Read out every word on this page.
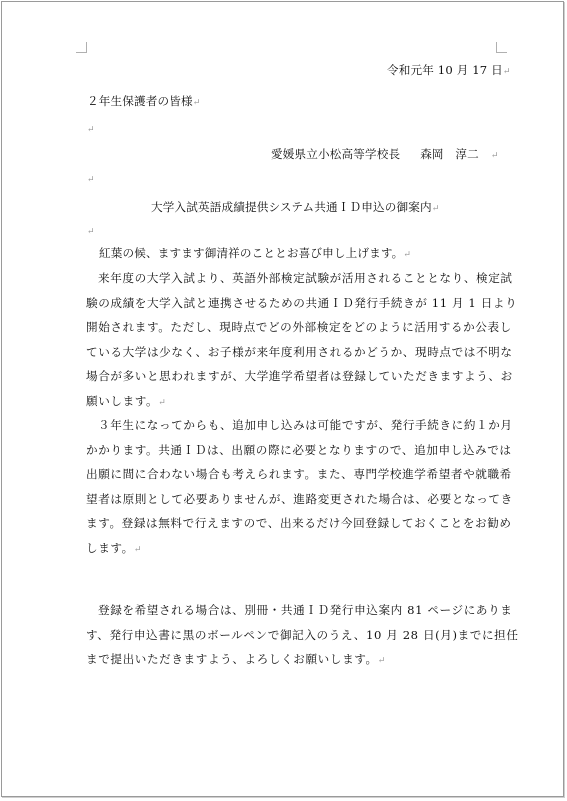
令和元年 10 月 17 日↵
２年生保護者の皆様↵
↵
愛媛県立小松高等学校長 森岡　淳二 ↵
↵
大学入試英語成績提供システム共通ＩＤ申込の御案内↵
↵
紅葉の候、ますます御清祥のこととお喜び申し上げます。↵
来年度の大学入試より、英語外部検定試験が活用されることとなり、検定試
験の成績を大学入試と連携させるための共通ＩＤ発行手続きが 11 月 1 日より
開始されます。ただし、現時点でどの外部検定をどのように活用するか公表し
ている大学は少なく、お子様が来年度利用されるかどうか、現時点では不明な
場合が多いと思われますが、大学進学希望者は登録していただきますよう、お
願いします。↵
３年生になってからも、追加申し込みは可能ですが、発行手続きに約１か月
かかります。共通ＩＤは、出願の際に必要となりますので、追加申し込みでは
出願に間に合わない場合も考えられます。また、専門学校進学希望者や就職希
望者は原則として必要ありませんが、進路変更された場合は、必要となってき
ます。登録は無料で行えますので、出来るだけ今回登録しておくことをお勧め
します。↵
登録を希望される場合は、別冊・共通ＩＤ発行申込案内 81 ページにありま
す、発行申込書に黒のボールペンで御記入のうえ、10 月 28 日(月)までに担任
まで提出いただきますよう、よろしくお願いします。↵
